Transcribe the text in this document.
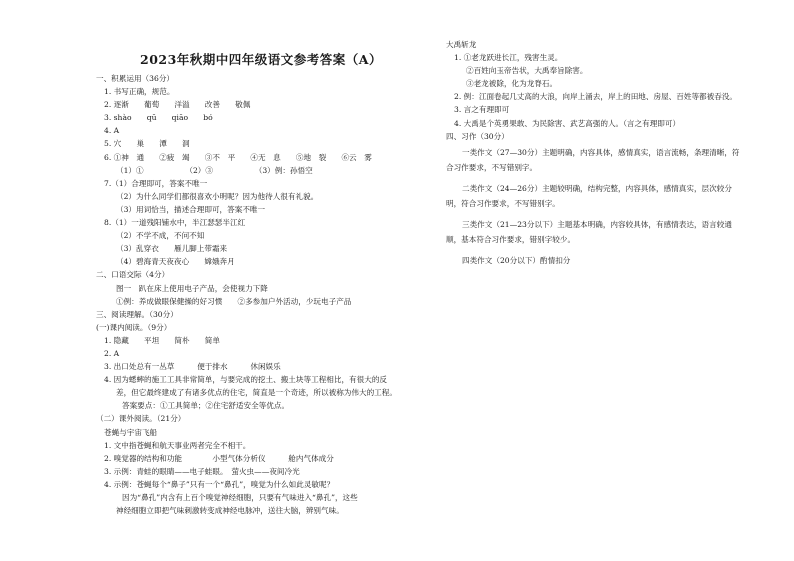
2023年秋期中四年级语文参考答案（A）
一、积累运用（36分）
1. 书写正确，规范。
2. 逐渐　　葡萄　　洋溢　　改善　　敬佩
3. shào　　qū　　qiāo　　bó
4. A
5. 穴　　巢　　潭　　洞
6. ①神　通　　②疲　竭　　③不　平　　④无　息　　⑤地　裂　　⑥云　雾
（1）①　　　　　　（2）③　　　　　　（3）例：孙悟空
7.（1）合理即可，答案不唯一
（2）为什么同学们都很喜欢小明呢？因为他待人很有礼貌。
（3）用词恰当，描述合理即可，答案不唯一
8.（1）一道残阳铺水中，半江瑟瑟半江红
（2）不学不成，不问不知
（3）乱穿衣　　雁儿脚上带霜来
（4）碧海青天夜夜心　　嫦娥奔月
二、口语交际（4分）
图一　趴在床上使用电子产品，会使视力下降
①例：养成做眼保健操的好习惯　　②多参加户外活动，少玩电子产品
三、阅读理解。（30分）
(一)课内阅读。（9分）
1. 隐藏　　平坦　　简朴　　简单
2. A
3. 出口处总有一丛草　　　便于排水　　　休闲娱乐
4. 因为蟋蟀的施工工具非常简单，与要完成的挖土、搬土块等工程相比，有很大的反
差，但它最终建成了有诸多优点的住宅，简直是一个奇迹，所以被称为伟大的工程。
答案要点：①工具简单；②住宅舒适安全等优点。
（二）课外阅读。（21分）
苍蝇与宇宙飞船
1. 文中指苍蝇和航天事业两者完全不相干。
2. 嗅觉器的结构和功能　　　　小型气体分析仪　　　舱内气体成分
3. 示例：青蛙的眼睛——电子蛙眼。　萤火虫——夜间冷光
4. 示例：苍蝇每个“鼻子”只有一个“鼻孔”，嗅觉为什么如此灵敏呢？
因为“鼻孔”内含有上百个嗅觉神经细胞，只要有气味进入“鼻孔”，这些
神经细胞立即把气味刺激转变成神经电脉冲，送往大脑，辨别气味。
大禹斩龙
1. ①老龙跃进长江，残害生灵。
②百姓向玉帝告状，大禹奉旨除害。
③老龙被除，化为龙脊石。
2. 例：江面卷起几丈高的大浪，向岸上涌去，岸上的田地、房屋、百姓等都被吞没。
3. 言之有理即可
4. 大禹是个英勇果敢、为民除害、武艺高强的人。（言之有理即可）
四、习作（30分）
一类作文（27—30分）主题明确，内容具体，感情真实，语言流畅，条理清晰，符合习作要求，不写错别字。
二类作文（24—26分）主题较明确，结构完整，内容具体，感情真实，层次较分明，符合习作要求，不写错别字。
三类作文（21—23分以下）主题基本明确，内容较具体，有感情表达，语言较通顺，基本符合习作要求，错别字较少。
四类作文（20分以下）酌情扣分
